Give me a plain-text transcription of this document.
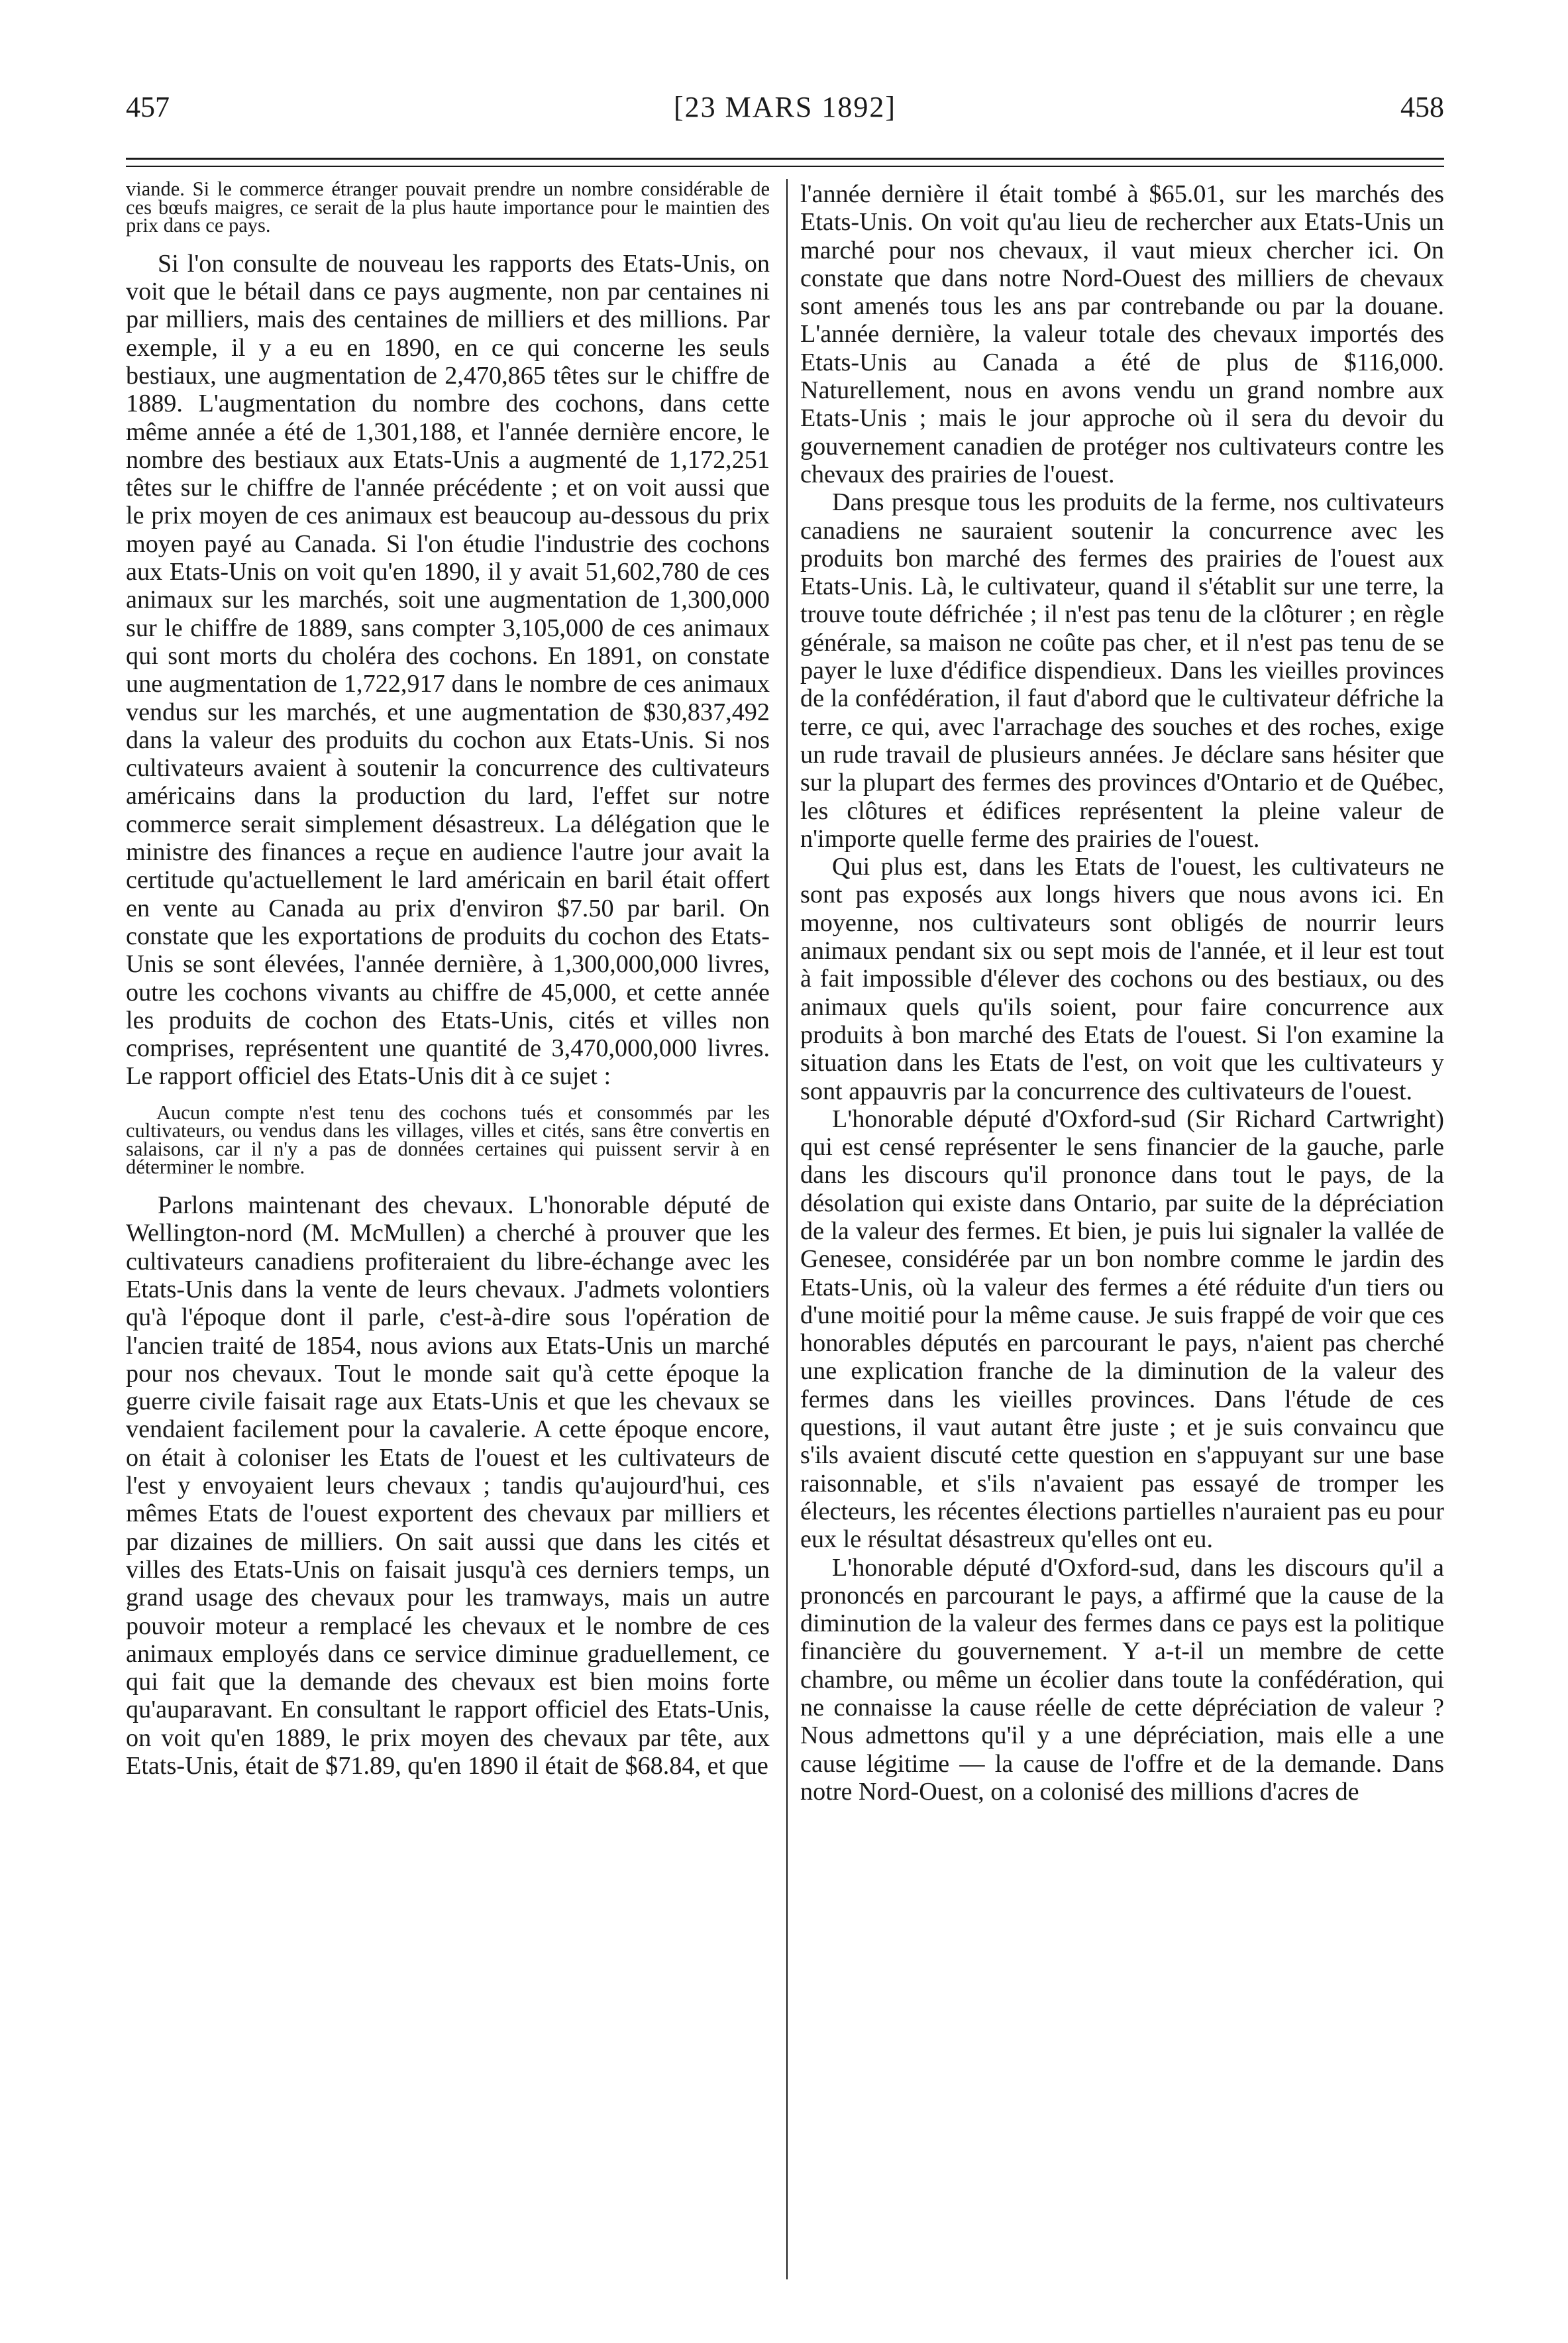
457	[23 MARS 1892]	458

viande. Si le commerce étranger pouvait prendre un nombre considérable de ces bœufs maigres, ce serait de la plus haute importance pour le maintien des prix dans ce pays.

Si l'on consulte de nouveau les rapports des Etats-Unis, on voit que le bétail dans ce pays augmente, non par centaines ni par milliers, mais des centaines de milliers et des millions. Par exemple, il y a eu en 1890, en ce qui concerne les seuls bestiaux, une augmentation de 2,470,865 têtes sur le chiffre de 1889. L'augmentation du nombre des cochons, dans cette même année a été de 1,301,188, et l'année dernière encore, le nombre des bestiaux aux Etats-Unis a augmenté de 1,172,251 têtes sur le chiffre de l'année précédente ; et on voit aussi que le prix moyen de ces animaux est beaucoup au-dessous du prix moyen payé au Canada. Si l'on étudie l'industrie des cochons aux Etats-Unis on voit qu'en 1890, il y avait 51,602,780 de ces animaux sur les marchés, soit une augmentation de 1,300,000 sur le chiffre de 1889, sans compter 3,105,000 de ces animaux qui sont morts du choléra des cochons. En 1891, on constate une augmentation de 1,722,917 dans le nombre de ces animaux vendus sur les marchés, et une augmentation de $30,837,492 dans la valeur des produits du cochon aux Etats-Unis. Si nos cultivateurs avaient à soutenir la concurrence des cultivateurs américains dans la production du lard, l'effet sur notre commerce serait simplement désastreux. La délégation que le ministre des finances a reçue en audience l'autre jour avait la certitude qu'actuellement le lard américain en baril était offert en vente au Canada au prix d'environ $7.50 par baril. On constate que les exportations de produits du cochon des Etats-Unis se sont élevées, l'année dernière, à 1,300,000,000 livres, outre les cochons vivants au chiffre de 45,000, et cette année les produits de cochon des Etats-Unis, cités et villes non comprises, représentent une quantité de 3,470,000,000 livres. Le rapport officiel des Etats-Unis dit à ce sujet :

Aucun compte n'est tenu des cochons tués et consommés par les cultivateurs, ou vendus dans les villages, villes et cités, sans être convertis en salaisons, car il n'y a pas de données certaines qui puissent servir à en déterminer le nombre.

Parlons maintenant des chevaux. L'honorable député de Wellington-nord (M. McMullen) a cherché à prouver que les cultivateurs canadiens profiteraient du libre-échange avec les Etats-Unis dans la vente de leurs chevaux. J'admets volontiers qu'à l'époque dont il parle, c'est-à-dire sous l'opération de l'ancien traité de 1854, nous avions aux Etats-Unis un marché pour nos chevaux. Tout le monde sait qu'à cette époque la guerre civile faisait rage aux Etats-Unis et que les chevaux se vendaient facilement pour la cavalerie. A cette époque encore, on était à coloniser les Etats de l'ouest et les cultivateurs de l'est y envoyaient leurs chevaux ; tandis qu'aujourd'hui, ces mêmes Etats de l'ouest exportent des chevaux par milliers et par dizaines de milliers. On sait aussi que dans les cités et villes des Etats-Unis on faisait jusqu'à ces derniers temps, un grand usage des chevaux pour les tramways, mais un autre pouvoir moteur a remplacé les chevaux et le nombre de ces animaux employés dans ce service diminue graduellement, ce qui fait que la demande des chevaux est bien moins forte qu'auparavant. En consultant le rapport officiel des Etats-Unis, on voit qu'en 1889, le prix moyen des chevaux par tête, aux Etats-Unis, était de $71.89, qu'en 1890 il était de $68.84, et que

l'année dernière il était tombé à $65.01, sur les marchés des Etats-Unis. On voit qu'au lieu de rechercher aux Etats-Unis un marché pour nos chevaux, il vaut mieux chercher ici. On constate que dans notre Nord-Ouest des milliers de chevaux sont amenés tous les ans par contrebande ou par la douane. L'année dernière, la valeur totale des chevaux importés des Etats-Unis au Canada a été de plus de $116,000. Naturellement, nous en avons vendu un grand nombre aux Etats-Unis ; mais le jour approche où il sera du devoir du gouvernement canadien de protéger nos cultivateurs contre les chevaux des prairies de l'ouest.

Dans presque tous les produits de la ferme, nos cultivateurs canadiens ne sauraient soutenir la concurrence avec les produits bon marché des fermes des prairies de l'ouest aux Etats-Unis. Là, le cultivateur, quand il s'établit sur une terre, la trouve toute défrichée ; il n'est pas tenu de la clôturer ; en règle générale, sa maison ne coûte pas cher, et il n'est pas tenu de se payer le luxe d'édifice dispendieux. Dans les vieilles provinces de la confédération, il faut d'abord que le cultivateur défriche la terre, ce qui, avec l'arrachage des souches et des roches, exige un rude travail de plusieurs années. Je déclare sans hésiter que sur la plupart des fermes des provinces d'Ontario et de Québec, les clôtures et édifices représentent la pleine valeur de n'importe quelle ferme des prairies de l'ouest.

Qui plus est, dans les Etats de l'ouest, les cultivateurs ne sont pas exposés aux longs hivers que nous avons ici. En moyenne, nos cultivateurs sont obligés de nourrir leurs animaux pendant six ou sept mois de l'année, et il leur est tout à fait impossible d'élever des cochons ou des bestiaux, ou des animaux quels qu'ils soient, pour faire concurrence aux produits à bon marché des Etats de l'ouest. Si l'on examine la situation dans les Etats de l'est, on voit que les cultivateurs y sont appauvris par la concurrence des cultivateurs de l'ouest.

L'honorable député d'Oxford-sud (Sir Richard Cartwright) qui est censé représenter le sens financier de la gauche, parle dans les discours qu'il prononce dans tout le pays, de la désolation qui existe dans Ontario, par suite de la dépréciation de la valeur des fermes. Et bien, je puis lui signaler la vallée de Genesee, considérée par un bon nombre comme le jardin des Etats-Unis, où la valeur des fermes a été réduite d'un tiers ou d'une moitié pour la même cause. Je suis frappé de voir que ces honorables députés en parcourant le pays, n'aient pas cherché une explication franche de la diminution de la valeur des fermes dans les vieilles provinces. Dans l'étude de ces questions, il vaut autant être juste ; et je suis convaincu que s'ils avaient discuté cette question en s'appuyant sur une base raisonnable, et s'ils n'avaient pas essayé de tromper les électeurs, les récentes élections partielles n'auraient pas eu pour eux le résultat désastreux qu'elles ont eu.

L'honorable député d'Oxford-sud, dans les discours qu'il a prononcés en parcourant le pays, a affirmé que la cause de la diminution de la valeur des fermes dans ce pays est la politique financière du gouvernement. Y a-t-il un membre de cette chambre, ou même un écolier dans toute la confédération, qui ne connaisse la cause réelle de cette dépréciation de valeur ? Nous admettons qu'il y a une dépréciation, mais elle a une cause légitime — la cause de l'offre et de la demande. Dans notre Nord-Ouest, on a colonisé des millions d'acres de
